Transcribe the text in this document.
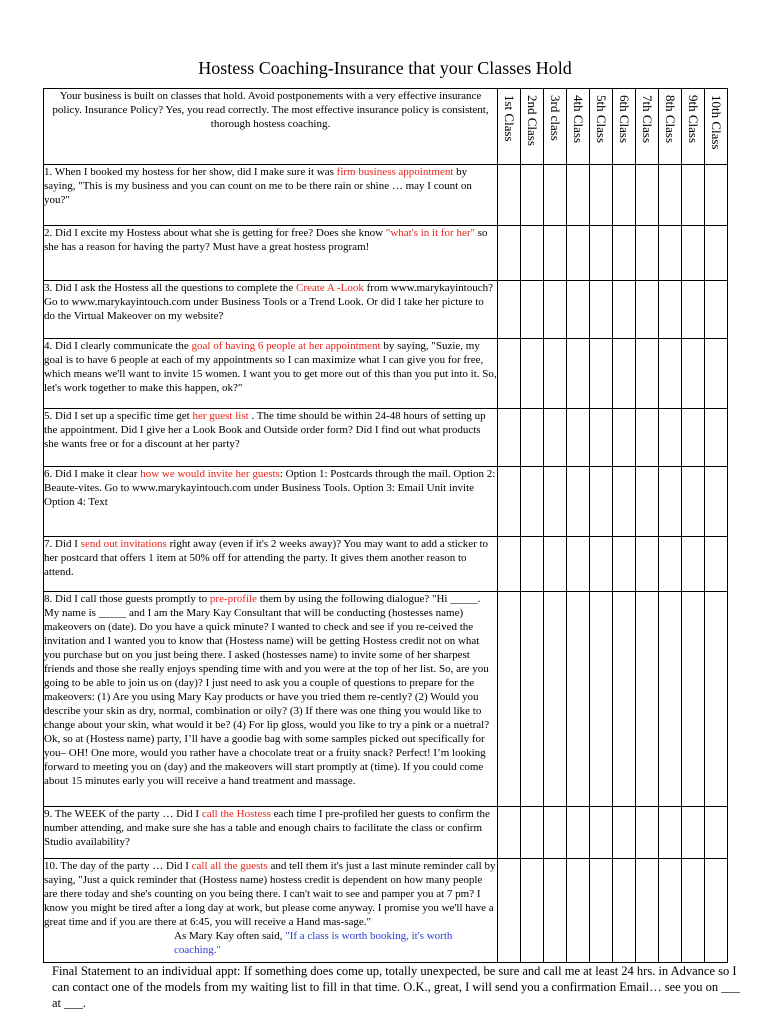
Hostess Coaching-Insurance that your Classes Hold
Your business is built on classes that hold. Avoid postponements with a very effective insurance policy. Insurance Policy? Yes, you read correctly. The most effective insurance policy is consistent, thorough hostess coaching.	1st Class	2nd Class	3rd class	4th Class	5th Class	6th Class	7th Class	8th Class	9th Class	10th Class

1. When I booked my hostess for her show, did I make sure it was firm business appointment by saying, "This is my business and you can count on me to be there rain or shine … may I count on you?"										
2. Did I excite my Hostess about what she is getting for free? Does she know "what's in it for her" so she has a reason for having the party? Must have a great hostess program!										
3. Did I ask the Hostess all the questions to complete the Create A -Look from www.marykayintouch? Go to www.marykayintouch.com under Business Tools or a Trend Look. Or did I take her picture to do the Virtual Makeover on my website?										
4. Did I clearly communicate the goal of having 6 people at her appointment by saying, "Suzie, my goal is to have 6 people at each of my appointments so I can maximize what I can give you for free, which means we'll want to invite 15 women. I want you to get more out of this than you put into it. So, let's work together to make this happen, ok?"										
5. Did I set up a specific time get her guest list . The time should be within 24-48 hours of setting up the appointment. Did I give her a Look Book and Outside order form? Did I find out what products she wants free or for a discount at her party?										
6. Did I make it clear how we would invite her guests: Option 1: Postcards through the mail. Option 2: Beaute-vites. Go to www.marykayintouch.com under Business Tools. Option 3: Email Unit invite Option 4: Text										
7. Did I send out invitations right away (even if it's 2 weeks away)? You may want to add a sticker to her postcard that offers 1 item at 50% off for attending the party. It gives them another reason to attend.										
8. Did I call those guests promptly to pre-profile them by using the following dialogue? "Hi _____. My name is _____ and I am the Mary Kay Consultant that will be conducting (hostesses name) makeovers on (date). Do you have a quick minute? I wanted to check and see if you re-ceived the invitation and I wanted you to know that (Hostess name) will be getting Hostess credit not on what you purchase but on you just being there. I asked (hostesses name) to invite some of her sharpest friends and those she really enjoys spending time with and you were at the top of her list. So, are you going to be able to join us on (day)? I just need to ask you a couple of questions to prepare for the makeovers: (1) Are you using Mary Kay products or have you tried them re-cently? (2) Would you describe your skin as dry, normal, combination or oily? (3) If there was one thing you would like to change about your skin, what would it be? (4) For lip gloss, would you like to try a pink or a nuetral? Ok, so at (Hostess name) party, I’ll have a goodie bag with some samples picked out specifically for you– OH! One more, would you rather have a chocolate treat or a fruity snack? Perfect! I’m looking forward to meeting you on (day) and the makeovers will start promptly at (time). If you could come about 15 minutes early you will receive a hand treatment and massage.										
9. The WEEK of the party … Did I call the Hostess each time I pre-profiled her guests to confirm the number attending, and make sure she has a table and enough chairs to facilitate the class or confirm Studio availability?										
10. The day of the party … Did I call all the guests and tell them it's just a last minute reminder call by saying, "Just a quick reminder that (Hostess name) hostess credit is dependent on how many people are there today and she's counting on you being there. I can't wait to see and pamper you at 7 pm? I know you might be tired after a long day at work, but please come anyway. I promise you we'll have a great time and if you are there at 6:45, you will receive a Hand mas-sage."
As Mary Kay often said, "If a class is worth booking, it's worth coaching."										

Final Statement to an individual appt: If something does come up, totally unexpected, be sure and call me at least 24 hrs. in Advance so I can contact one of the models from my waiting list to fill in that time. O.K., great, I will send you a confirmation Email… see you on ___ at ___.
